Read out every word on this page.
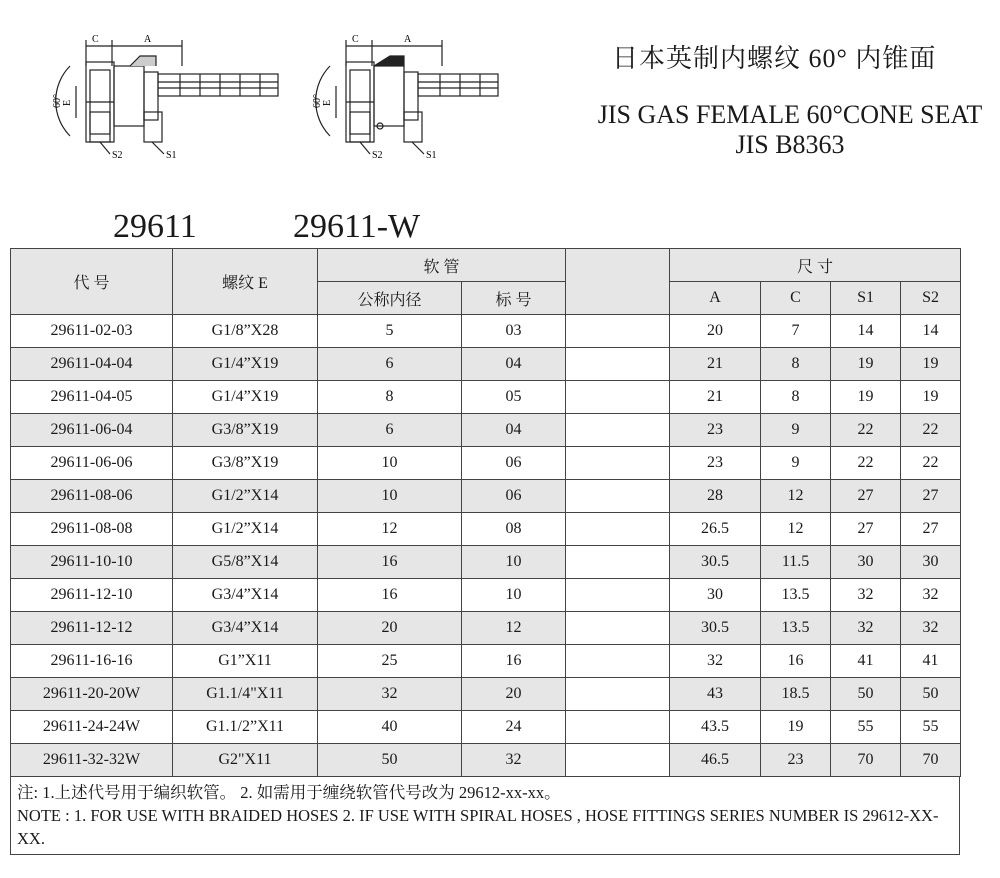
C	A
60° E
S2	S1
C	A
60° E
S2	S1
日本英制内螺纹 60° 内锥面
JIS GAS FEMALE 60°CONE SEAT
JIS B8363
29611	29611-W
代 号	螺纹 E	软 管			尺 寸			
		公称内径	标 号		A	C	S1	S2
29611-02-03	G1/8”X28	5	03		20	7	14	14
29611-04-04	G1/4”X19	6	04		21	8	19	19
29611-04-05	G1/4”X19	8	05		21	8	19	19
29611-06-04	G3/8”X19	6	04		23	9	22	22
29611-06-06	G3/8”X19	10	06		23	9	22	22
29611-08-06	G1/2”X14	10	06		28	12	27	27
29611-08-08	G1/2”X14	12	08		26.5	12	27	27
29611-10-10	G5/8”X14	16	10		30.5	11.5	30	30
29611-12-10	G3/4”X14	16	10		30	13.5	32	32
29611-12-12	G3/4”X14	20	12		30.5	13.5	32	32
29611-16-16	G1”X11	25	16		32	16	41	41
29611-20-20W	G1.1/4"X11	32	20		43	18.5	50	50
29611-24-24W	G1.1/2”X11	40	24		43.5	19	55	55
29611-32-32W	G2"X11	50	32		46.5	23	70	70
注: 1.上述代号用于编织软管。 2. 如需用于缠绕软管代号改为 29612-xx-xx。
NOTE : 1. FOR USE WITH BRAIDED HOSES 2. IF USE WITH SPIRAL HOSES , HOSE FITTINGS SERIES NUMBER IS 29612-XX-XX.
